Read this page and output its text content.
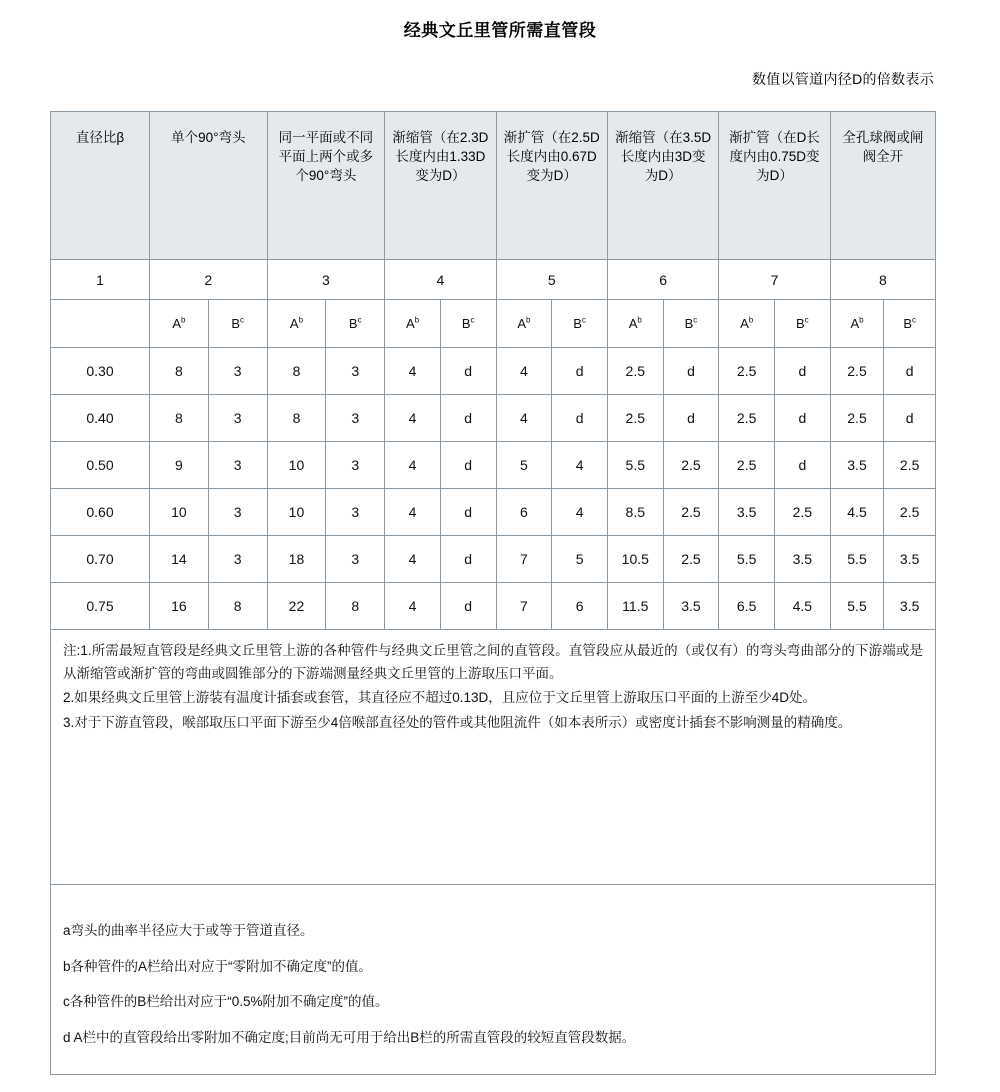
经典文丘里管所需直管段
数值以管道内径D的倍数表示
直径比β	单个90°弯头		同一平面或不同平面上两个或多个90°弯头		渐缩管（在2.3D长度内由1.33D变为D）		渐扩管（在2.5D长度内由0.67D变为D）		渐缩管（在3.5D长度内由3D变为D）		渐扩管（在D长度内由0.75D变为D）		全孔球阀或闸阀全开	

1	2		3		4		5		6		7		8	
	$A^b$	$B^c$	$A^b$	$B^c$	$A^b$	$B^c$	$A^b$	$B^c$	$A^b$	$B^c$	$A^b$	$B^c$	$A^b$	$B^c$
0.30	8	3	8	3	4	d	4	d	2.5	d	2.5	d	2.5	d
0.40	8	3	8	3	4	d	4	d	2.5	d	2.5	d	2.5	d
0.50	9	3	10	3	4	d	5	4	5.5	2.5	2.5	d	3.5	2.5
0.60	10	3	10	3	4	d	6	4	8.5	2.5	3.5	2.5	4.5	2.5
0.70	14	3	18	3	4	d	7	5	10.5	2.5	5.5	3.5	5.5	3.5
0.75	16	8	22	8	4	d	7	6	11.5	3.5	6.5	4.5	5.5	3.5

注:1.所需最短直管段是经典文丘里管上游的各种管件与经典文丘里管之间的直管段。直管段应从最近的（或仅有）的弯头弯曲部分的下游端或是从渐缩管或渐扩管的弯曲或圆锥部分的下游端测量经典文丘里管的上游取压口平面。

2.如果经典文丘里管上游装有温度计插套或套管，其直径应不超过0.13D，且应位于文丘里管上游取压口平面的上游至少4D处。

3.对于下游直管段，喉部取压口平面下游至少4倍喉部直径处的管件或其他阻流件（如本表所示）或密度计插套不影响测量的精确度。

a弯头的曲率半径应大于或等于管道直径。

b各种管件的A栏给出对应于“零附加不确定度”的值。

c各种管件的B栏给出对应于“0.5%附加不确定度”的值。

d A栏中的直管段给出零附加不确定度;目前尚无可用于给出B栏的所需直管段的较短直管段数据。
